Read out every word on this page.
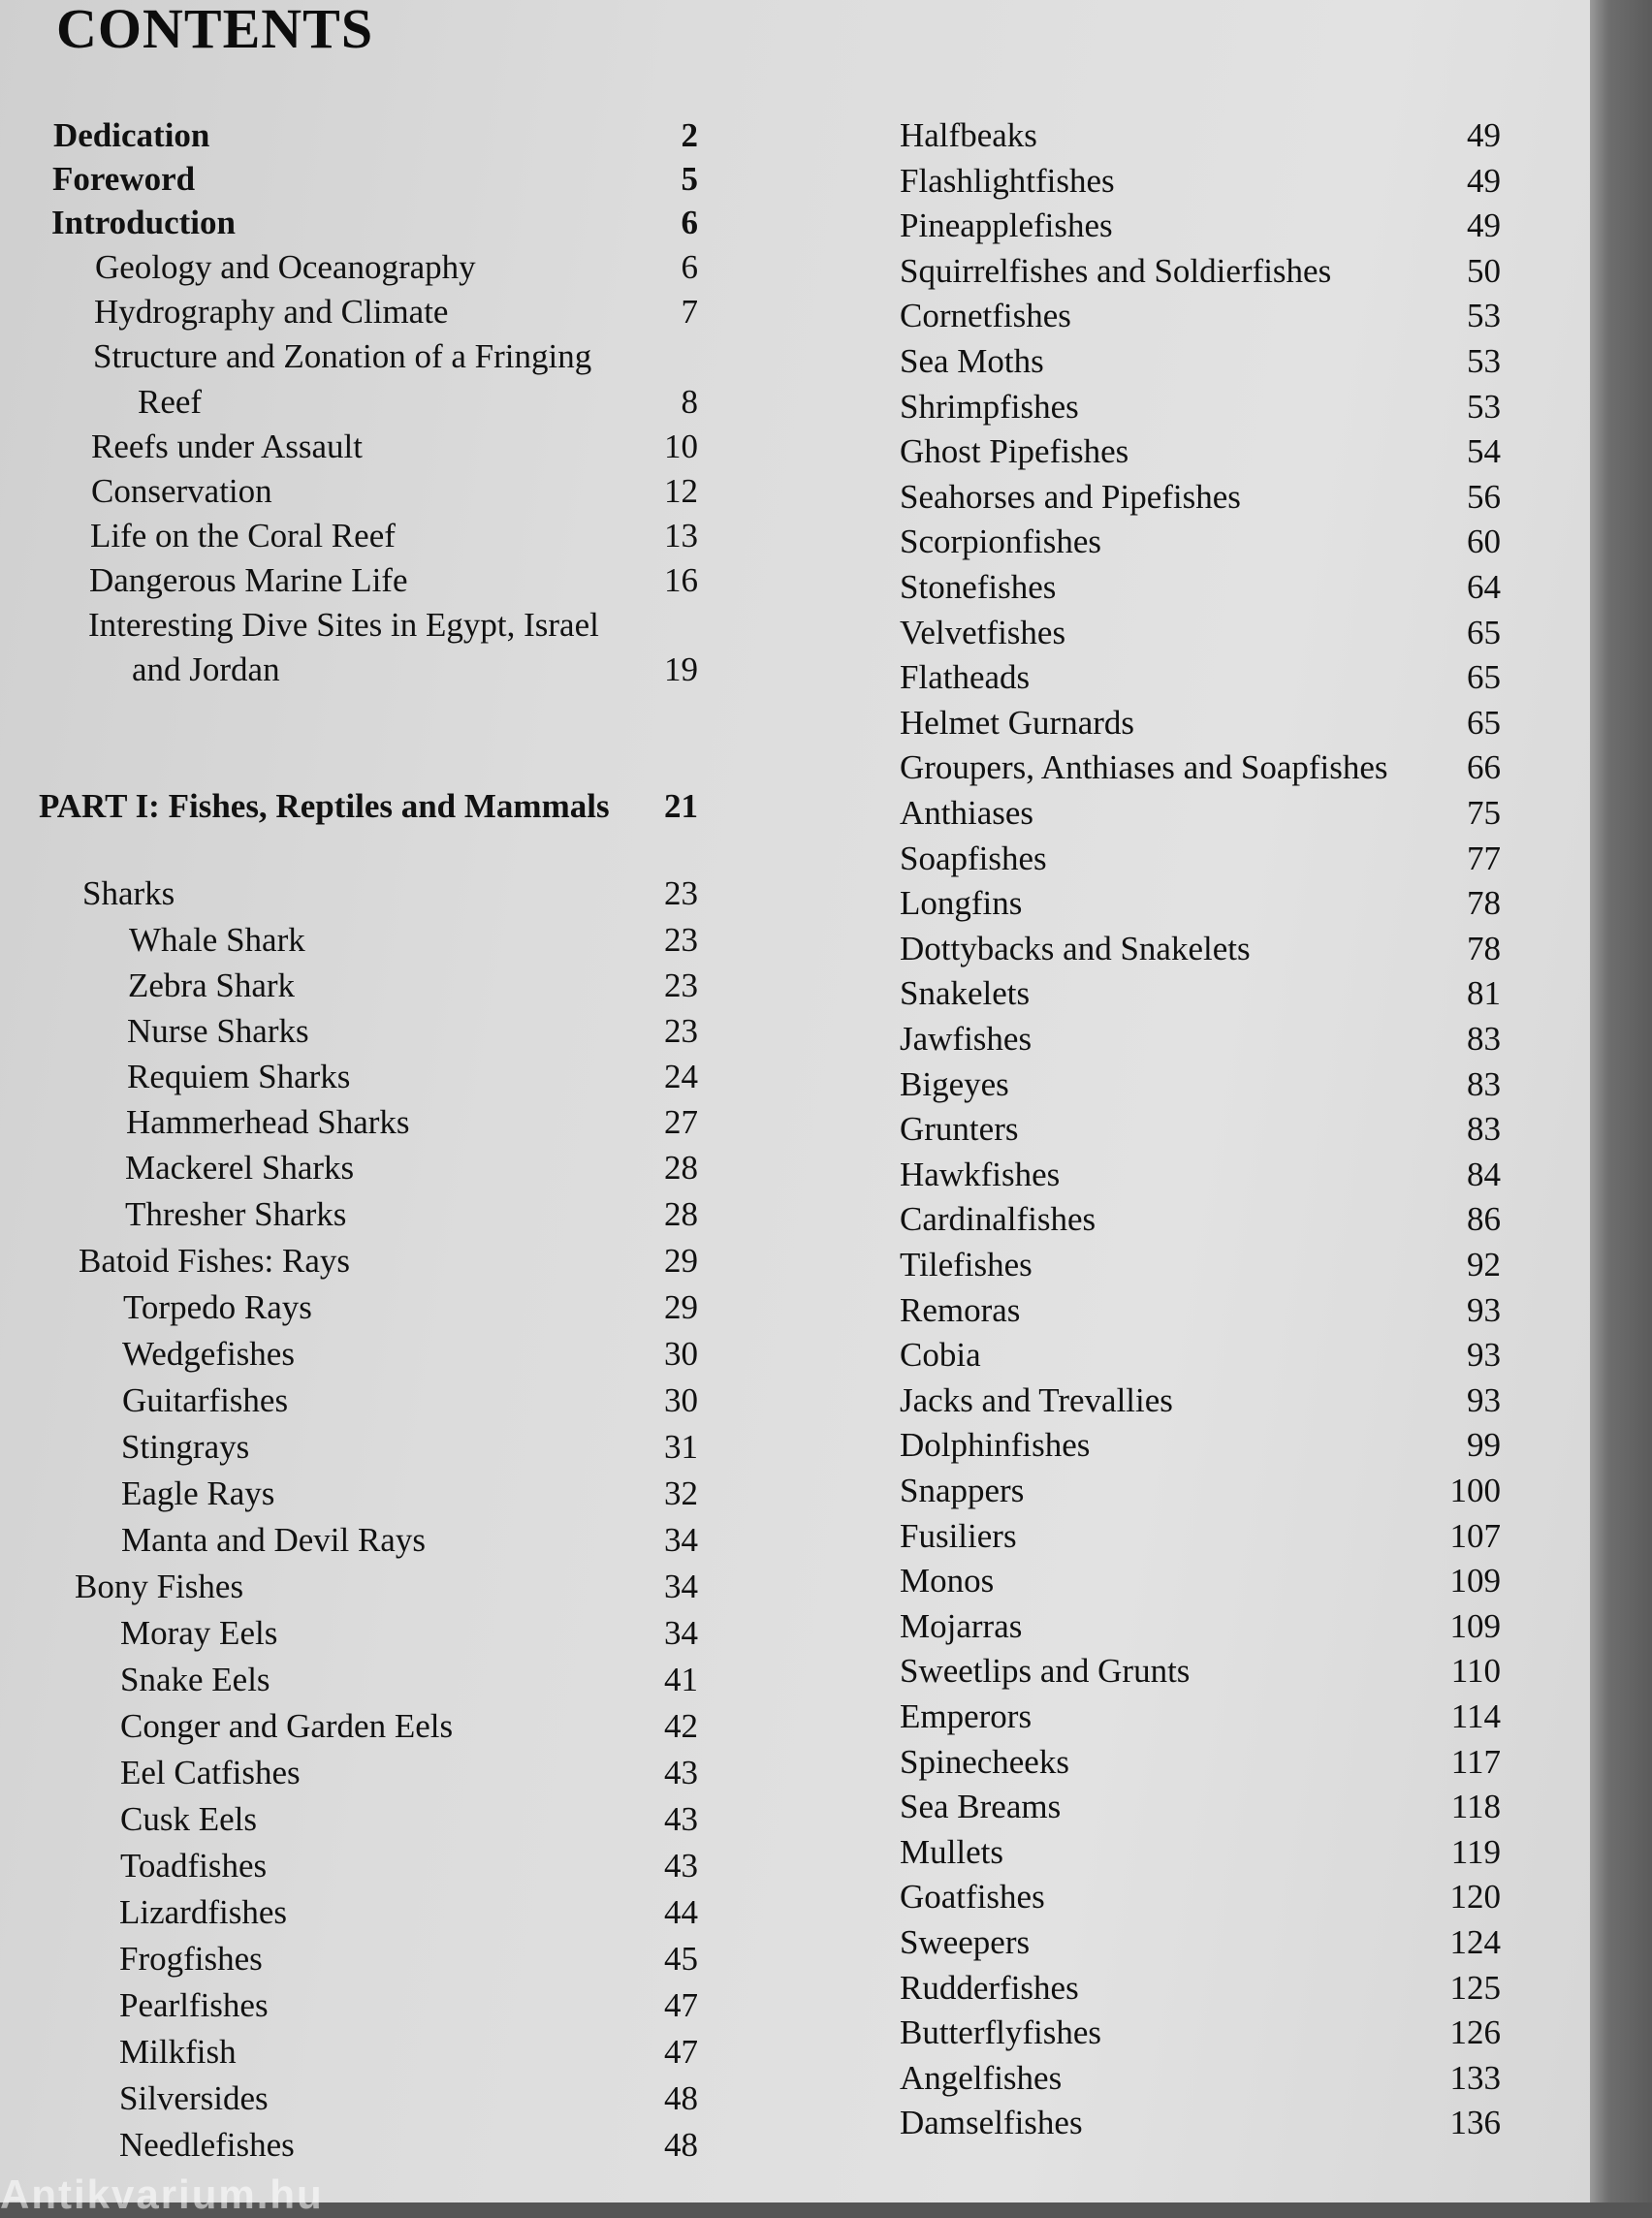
CONTENTS
Dedication	2
Foreword	5
Introduction	6
Geology and Oceanography	6
Hydrography and Climate	7
Structure and Zonation of a Fringing
Reef	8
Reefs under Assault	10
Conservation	12
Life on the Coral Reef	13
Dangerous Marine Life	16
Interesting Dive Sites in Egypt, Israel
and Jordan	19
PART I: Fishes, Reptiles and Mammals	21
Sharks	23
Whale Shark	23
Zebra Shark	23
Nurse Sharks	23
Requiem Sharks	24
Hammerhead Sharks	27
Mackerel Sharks	28
Thresher Sharks	28
Batoid Fishes: Rays	29
Torpedo Rays	29
Wedgefishes	30
Guitarfishes	30
Stingrays	31
Eagle Rays	32
Manta and Devil Rays	34
Bony Fishes	34
Moray Eels	34
Snake Eels	41
Conger and Garden Eels	42
Eel Catfishes	43
Cusk Eels	43
Toadfishes	43
Lizardfishes	44
Frogfishes	45
Pearlfishes	47
Milkfish	47
Silversides	48
Needlefishes	48
Halfbeaks	49
Flashlightfishes	49
Pineapplefishes	49
Squirrelfishes and Soldierfishes	50
Cornetfishes	53
Sea Moths	53
Shrimpfishes	53
Ghost Pipefishes	54
Seahorses and Pipefishes	56
Scorpionfishes	60
Stonefishes	64
Velvetfishes	65
Flatheads	65
Helmet Gurnards	65
Groupers, Anthiases and Soapfishes	66
Anthiases	75
Soapfishes	77
Longfins	78
Dottybacks and Snakelets	78
Snakelets	81
Jawfishes	83
Bigeyes	83
Grunters	83
Hawkfishes	84
Cardinalfishes	86
Tilefishes	92
Remoras	93
Cobia	93
Jacks and Trevallies	93
Dolphinfishes	99
Snappers	100
Fusiliers	107
Monos	109
Mojarras	109
Sweetlips and Grunts	110
Emperors	114
Spinecheeks	117
Sea Breams	118
Mullets	119
Goatfishes	120
Sweepers	124
Rudderfishes	125
Butterflyfishes	126
Angelfishes	133
Damselfishes	136
Antikvarium.hu
